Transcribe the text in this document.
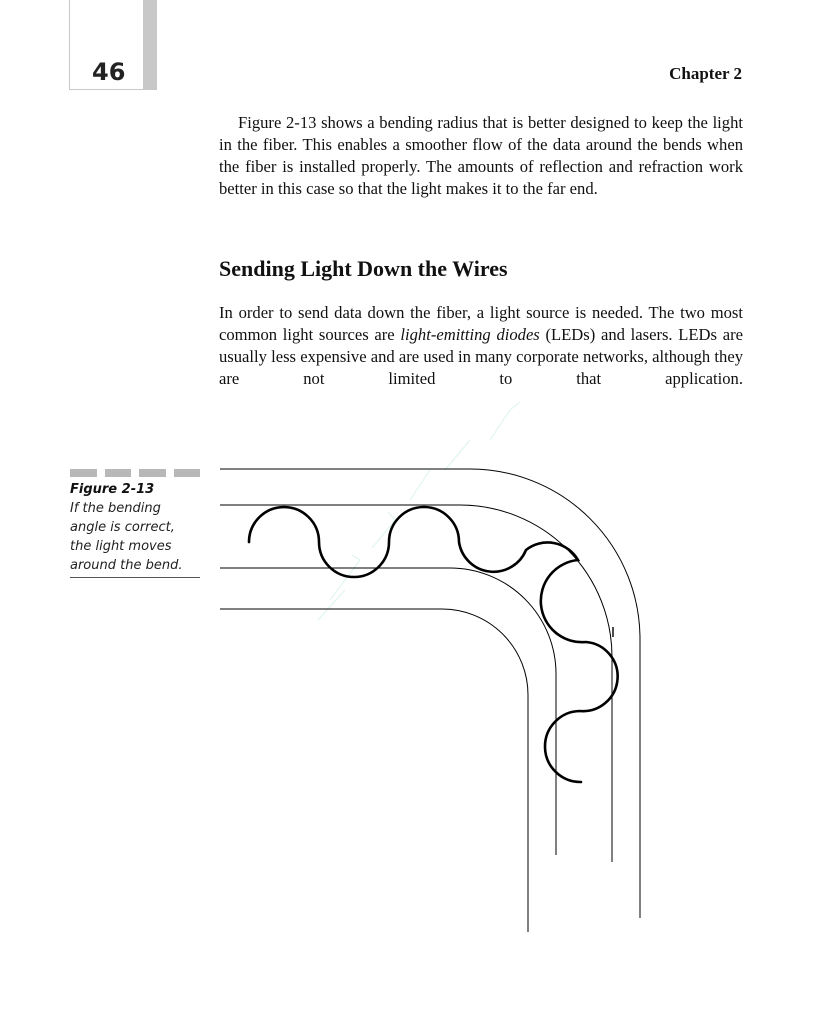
46	Chapter 2

Figure 2-13 shows a bending radius that is better designed to keep the light in the fiber. This enables a smoother flow of the data around the bends when the fiber is installed properly. The amounts of reflection and refraction work better in this case so that the light makes it to the far end.

Sending Light Down the Wires

In order to send data down the fiber, a light source is needed. The two most common light sources are light-emitting diodes (LEDs) and lasers. LEDs are usually less expensive and are used in many corporate networks, although they are not limited to that application.

Figure 2-13
If the bending angle is correct, the light moves around the bend.
